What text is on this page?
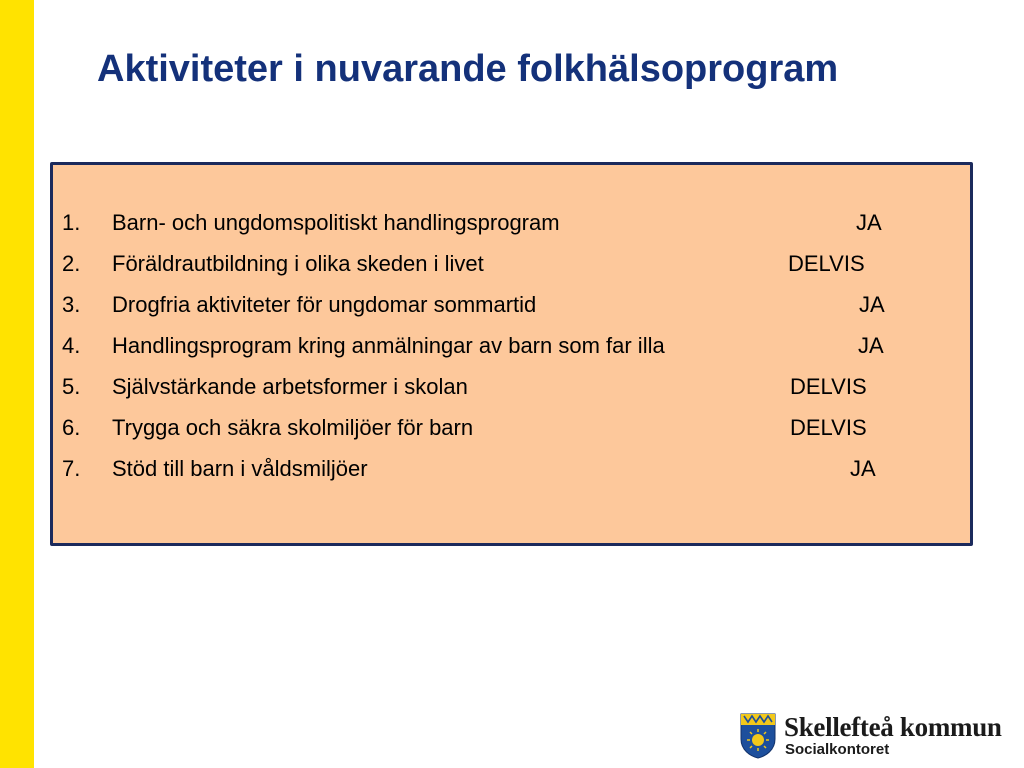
Aktiviteter i nuvarande folkhälsoprogram
1. Barn- och ungdomspolitiskt handlingsprogram	JA
2. Föräldrautbildning i olika skeden i livet	DELVIS
3. Drogfria aktiviteter för ungdomar sommartid	JA
4. Handlingsprogram kring anmälningar av barn som far illa	JA
5. Självstärkande arbetsformer i skolan	DELVIS
6. Trygga och säkra skolmiljöer för barn	DELVIS
7. Stöd till barn i våldsmiljöer	JA
Skellefteå kommun
Socialkontoret
